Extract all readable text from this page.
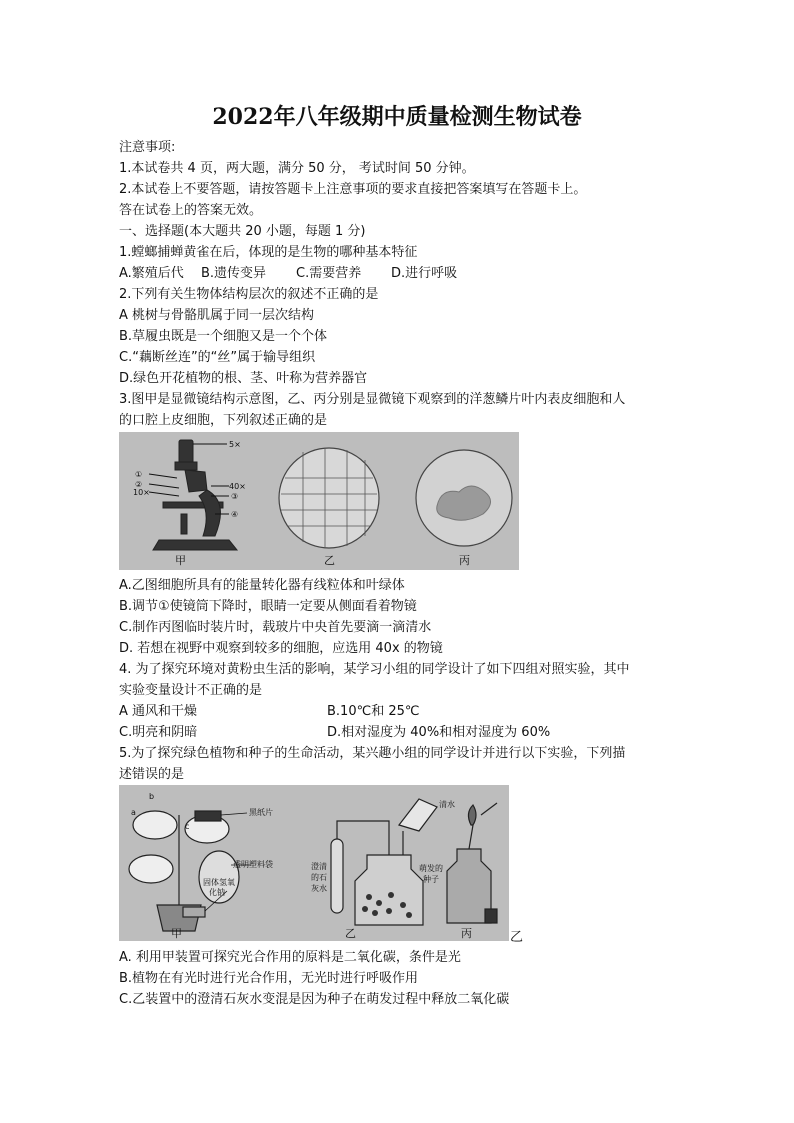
2022年八年级期中质量检测生物试卷
注意事项:
1.本试卷共 4 页，两大题，满分 50 分， 考试时间 50 分钟。
2.本试卷上不要答题，请按答题卡上注意事项的要求直接把答案填写在答题卡上。
答在试卷上的答案无效。
一、选择题(本大题共 20 小题，每题 1 分)
1.螳螂捕蝉黄雀在后，体现的是生物的哪种基本特征
A.繁殖后代 B.遗传变异 C.需要营养 D.进行呼吸
2.下列有关生物体结构层次的叙述不正确的是
A 桃树与骨骼肌属于同一层次结构
B.草履虫既是一个细胞又是一个个体
C.“藕断丝连”的“丝”属于输导组织
D.绿色开花植物的根、茎、叶称为营养器官
3.图甲是显微镜结构示意图，乙、丙分别是显微镜下观察到的洋葱鳞片叶内表皮细胞和人
的口腔上皮细胞，下列叙述正确的是
5×
①
②
10×
40×
③
④
甲	乙	丙
A.乙图细胞所具有的能量转化器有线粒体和叶绿体
B.调节①使镜筒下降时，眼睛一定要从侧面看着物镜
C.制作丙图临时装片时，载玻片中央首先要滴一滴清水
D. 若想在视野中观察到较多的细胞，应选用 40x 的物镜
4. 为了探究环境对黄粉虫生活的影响，某学习小组的同学设计了如下四组对照实验，其中
实验变量设计不正确的是
A 通风和干燥	B.10℃和 25℃
C.明亮和阴暗	D.相对湿度为 40%和相对湿度为 60%
5.为了探究绿色植物和种子的生命活动，某兴趣小组的同学设计并进行以下实验，下列描
述错误的是
b
a
c
黑纸片
透明塑料袋
固体氢氧
化钠
甲
清水
澄清
的石
灰水
乙
萌发的
种子
丙	乙
A. 利用甲装置可探究光合作用的原料是二氧化碳，条件是光
B.植物在有光时进行光合作用，无光时进行呼吸作用
C.乙装置中的澄清石灰水变混是因为种子在萌发过程中释放二氧化碳
